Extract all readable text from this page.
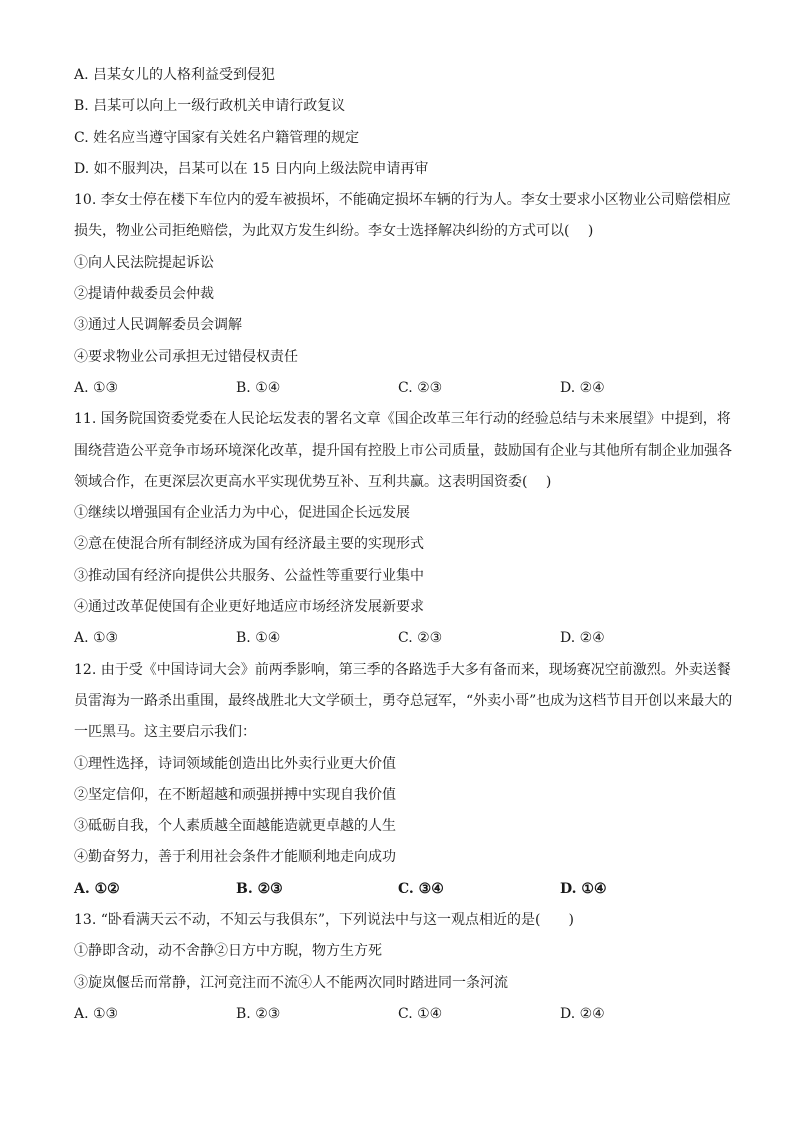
A. 吕某女儿的人格利益受到侵犯
B. 吕某可以向上一级行政机关申请行政复议
C. 姓名应当遵守国家有关姓名户籍管理的规定
D. 如不服判决，吕某可以在 15 日内向上级法院申请再审
10. 李女士停在楼下车位内的爱车被损坏，不能确定损坏车辆的行为人。李女士要求小区物业公司赔偿相应损失，物业公司拒绝赔偿，为此双方发生纠纷。李女士选择解决纠纷的方式可以(　 )
①向人民法院提起诉讼
②提请仲裁委员会仲裁
③通过人民调解委员会调解
④要求物业公司承担无过错侵权责任
A. ①③	B. ①④	C. ②③	D. ②④
11. 国务院国资委党委在人民论坛发表的署名文章《国企改革三年行动的经验总结与未来展望》中提到，将围绕营造公平竞争市场环境深化改革，提升国有控股上市公司质量，鼓励国有企业与其他所有制企业加强各领域合作，在更深层次更高水平实现优势互补、互利共赢。这表明国资委(　 )
①继续以增强国有企业活力为中心，促进国企长远发展
②意在使混合所有制经济成为国有经济最主要的实现形式
③推动国有经济向提供公共服务、公益性等重要行业集中
④通过改革促使国有企业更好地适应市场经济发展新要求
A. ①③	B. ①④	C. ②③	D. ②④
12. 由于受《中国诗词大会》前两季影响，第三季的各路选手大多有备而来，现场赛况空前激烈。外卖送餐员雷海为一路杀出重围，最终战胜北大文学硕士，勇夺总冠军，“外卖小哥”也成为这档节目开创以来最大的一匹黑马。这主要启示我们：
①理性选择，诗词领域能创造出比外卖行业更大价值
②坚定信仰，在不断超越和顽强拼搏中实现自我价值
③砥砺自我，个人素质越全面越能造就更卓越的人生
④勤奋努力，善于利用社会条件才能顺利地走向成功
A. ①②	B. ②③	C. ③④	D. ①④
13. “卧看满天云不动，不知云与我俱东”，下列说法中与这一观点相近的是(　　)
①静即含动，动不舍静②日方中方睨，物方生方死
③旋岚偃岳而常静，江河竞注而不流④人不能两次同时踏进同一条河流
A. ①③	B. ②③	C. ①④	D. ②④
